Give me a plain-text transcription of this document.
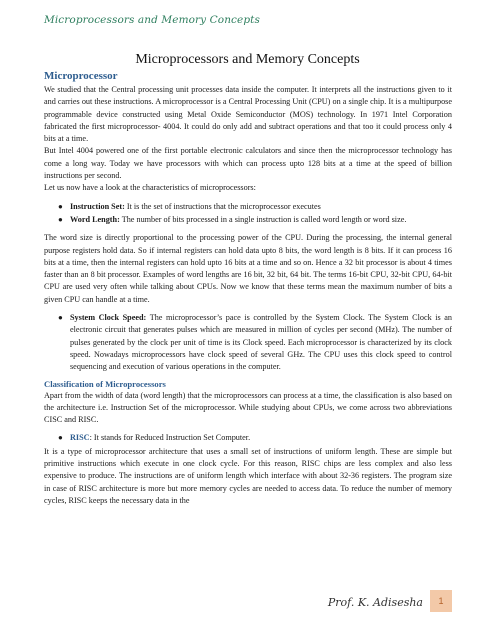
Microprocessors and Memory Concepts
Microprocessors and Memory Concepts
Microprocessor

We studied that the Central processing unit processes data inside the computer. It interprets all the instructions given to it and carries out these instructions. A microprocessor is a Central Processing Unit (CPU) on a single chip. It is a multipurpose programmable device constructed using Metal Oxide Semiconductor (MOS) technology. In 1971 Intel Corporation fabricated the first microprocessor- 4004. It could do only add and subtract operations and that too it could process only 4 bits at a time.

But Intel 4004 powered one of the first portable electronic calculators and since then the microprocessor technology has come a long way. Today we have processors with which can process upto 128 bits at a time at the speed of billion instructions per second.

Let us now have a look at the characteristics of microprocessors:

● Instruction Set: It is the set of instructions that the microprocessor executes
● Word Length: The number of bits processed in a single instruction is called word length or word size.

The word size is directly proportional to the processing power of the CPU. During the processing, the internal general purpose registers hold data. So if internal registers can hold data upto 8 bits, the word length is 8 bits. If it can process 16 bits at a time, then the internal registers can hold upto 16 bits at a time and so on. Hence a 32 bit processor is about 4 times faster than an 8 bit processor. Examples of word lengths are 16 bit, 32 bit, 64 bit. The terms 16-bit CPU, 32-bit CPU, 64-bit CPU are used very often while talking about CPUs. Now we know that these terms mean the maximum number of bits a given CPU can handle at a time.

● System Clock Speed: The microprocessor’s pace is controlled by the System Clock. The System Clock is an electronic circuit that generates pulses which are measured in million of cycles per second (MHz). The number of pulses generated by the clock per unit of time is its Clock speed. Each microprocessor is characterized by its clock speed. Nowadays microprocessors have clock speed of several GHz. The CPU uses this clock speed to control sequencing and execution of various operations in the computer.
Classification of Microprocessors

Apart from the width of data (word length) that the microprocessors can process at a time, the classification is also based on the architecture i.e. Instruction Set of the microprocessor. While studying about CPUs, we come across two abbreviations CISC and RISC.

● RISC: It stands for Reduced Instruction Set Computer.

It is a type of microprocessor architecture that uses a small set of instructions of uniform length. These are simple but primitive instructions which execute in one clock cycle. For this reason, RISC chips are less complex and also less expensive to produce. The instructions are of uniform length which interface with about 32-36 registers. The program size in case of RISC architecture is more but more memory cycles are needed to access data. To reduce the number of memory cycles, RISC keeps the necessary data in the

Prof. K. Adisesha	1
